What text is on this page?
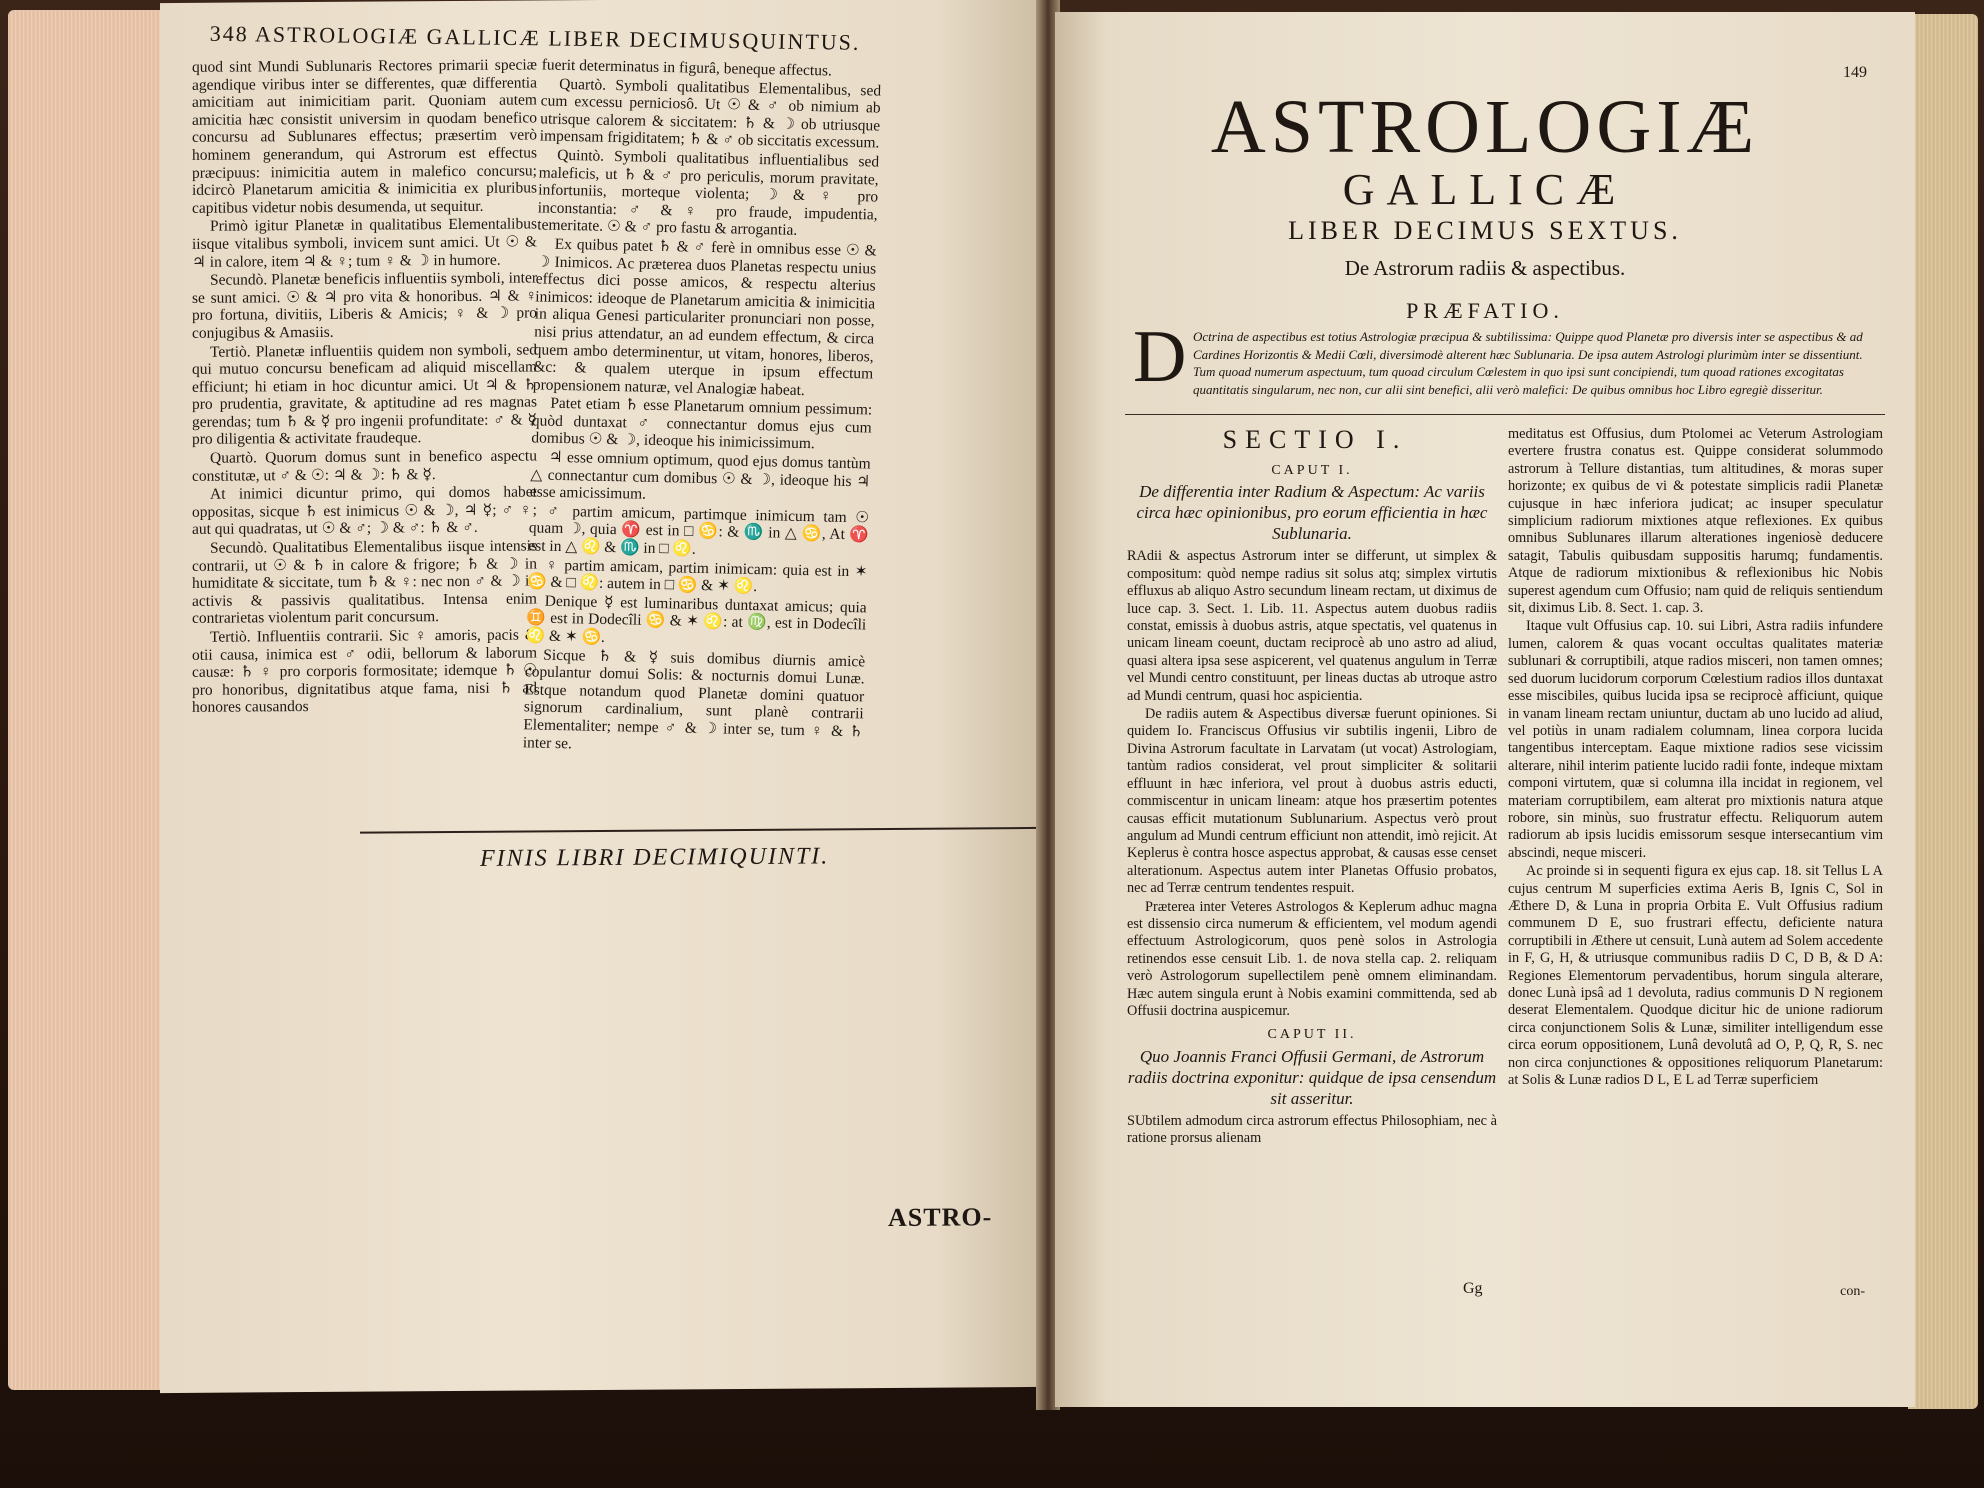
348 ASTROLOGIÆ GALLICÆ LIBER DECIMUSQUINTUS.

quod sint Mundi Sublunaris Rectores primarii speciæ agendique viribus inter se differentes, quæ differentia amicitiam aut inimicitiam parit. Quoniam autem amicitia hæc consistit universim in quodam benefico concursu ad Sublunares effectus; præsertim verò hominem generandum, qui Astrorum est effectus præcipuus: inimicitia autem in malefico concursu; idcircò Planetarum amicitia & inimicitia ex pluribus capitibus videtur nobis desumenda, ut sequitur.

Primò igitur Planetæ in qualitatibus Elementalibus iisque vitalibus symboli, invicem sunt amici. Ut ☉ & ♃ in calore, item ♃ & ♀; tum ♀ & ☽ in humore.

Secundò. Planetæ beneficis influentiis symboli, inter se sunt amici. ☉ & ♃ pro vita & honoribus. ♃ & ♀ pro fortuna, divitiis, Liberis & Amicis; ♀ & ☽ pro conjugibus & Amasiis.

Tertiò. Planetæ influentiis quidem non symboli, sed qui mutuo concursu beneficam ad aliquid miscellam efficiunt; hi etiam in hoc dicuntur amici. Ut ♃ & ♄ pro prudentia, gravitate, & aptitudine ad res magnas gerendas; tum ♄ & ☿ pro ingenii profunditate: ♂ & ☿ pro diligentia & activitate fraudeque.

Quartò. Quorum domus sunt in benefico aspectu constitutæ, ut ♂ & ☉: ♃ & ☽: ♄ & ☿.

At inimici dicuntur primo, qui domos habet oppositas, sicque ♄ est inimicus ☉ & ☽, ♃ ☿; ♂ ♀; aut qui quadratas, ut ☉ & ♂; ☽ & ♂: ♄ & ♂.

Secundò. Qualitatibus Elementalibus iisque intensis contrarii, ut ☉ & ♄ in calore & frigore; ♄ & ☽ in humiditate & siccitate, tum ♄ & ♀: nec non ♂ & ☽ in activis & passivis qualitatibus. Intensa enim contrarietas violentum parit concursum.

Tertiò. Influentiis contrarii. Sic ♀ amoris, pacis & otii causa, inimica est ♂ odii, bellorum & laborum causæ: ♄ ♀ pro corporis formositate; idemque ♄ ☉ pro honoribus, dignitatibus atque fama, nisi ♄ ad honores causandos

fuerit determinatus in figurâ, beneque affectus.

Quartò. Symboli qualitatibus Elementalibus, sed cum excessu perniciosô. Ut ☉ & ♂ ob nimium ab utrisque calorem & siccitatem: ♄ & ☽ ob utriusque impensam frigiditatem; ♄ & ♂ ob siccitatis excessum.

Quintò. Symboli qualitatibus influentialibus sed maleficis, ut ♄ & ♂ pro periculis, morum pravitate, infortuniis, morteque violenta; ☽ & ♀ pro inconstantia: ♂ & ♀ pro fraude, impudentia, temeritate. ☉ & ♂ pro fastu & arrogantia.

Ex quibus patet ♄ & ♂ ferè in omnibus esse ☉ & ☽ Inimicos. Ac præterea duos Planetas respectu unius effectus dici posse amicos, & respectu alterius inimicos: ideoque de Planetarum amicitia & inimicitia in aliqua Genesi particulariter pronunciari non posse, nisi prius attendatur, an ad eundem effectum, & circa quem ambo determinentur, ut vitam, honores, liberos, &c: & qualem uterque in ipsum effectum propensionem naturæ, vel Analogiæ habeat.

Patet etiam ♄ esse Planetarum omnium pessimum: quòd duntaxat ♂ connectantur domus ejus cum domibus ☉ & ☽, ideoque his inimicissimum.

♃ esse omnium optimum, quod ejus domus tantùm △ connectantur cum domibus ☉ & ☽, ideoque his ♃ esse amicissimum.

♂ partim amicum, partimque inimicum tam ☉ quam ☽, quia ♈ est in □ ♋: & ♏ in △ ♋, At ♈ est in △ ♌ & ♏ in □ ♌.

♀ partim amicam, partim inimicam: quia est in ✶ ♋ & □ ♌: autem in □ ♋ & ✶ ♌.

Denique ☿ est luminaribus duntaxat amicus; quia ♊ est in Dodecîli ♋ & ✶ ♌: at ♍, est in Dodecîli ♌ & ✶ ♋.

Sicque ♄ & ☿ suis domibus diurnis amicè copulantur domui Solis: & nocturnis domui Lunæ. Estque notandum quod Planetæ domini quatuor signorum cardinalium, sunt planè contrarii Elementaliter; nempe ♂ & ☽ inter se, tum ♀ & ♄ inter se.

FINIS LIBRI DECIMIQUINTI.
ASTRO-
149
ASTROLOGIÆ
GALLICÆ
LIBER DECIMUS SEXTUS.
De Astrorum radiis & aspectibus.
PRÆFATIO.
D Octrina de aspectibus est totius Astrologiæ præcipua & subtilissima: Quippe quod Planetæ pro diversis inter se aspectibus & ad Cardines Horizontis & Medii Cœli, diversimodè alterent hæc Sublunaria. De ipsa autem Astrologi plurimùm inter se dissentiunt. Tum quoad numerum aspectuum, tum quoad circulum Cœlestem in quo ipsi sunt concipiendi, tum quoad rationes excogitatas quantitatis singularum, nec non, cur alii sint benefici, alii verò malefici: De quibus omnibus hoc Libro egregiè disseritur.
SECTIO I.
CAPUT I.
De differentia inter Radium & Aspectum: Ac variis circa hæc opinionibus, pro eorum efficientia in hæc Sublunaria.

RAdii & aspectus Astrorum inter se differunt, ut simplex & compositum: quòd nempe radius sit solus atq; simplex virtutis effluxus ab aliquo Astro secundum lineam rectam, ut diximus de luce cap. 3. Sect. 1. Lib. 11. Aspectus autem duobus radiis constat, emissis à duobus astris, atque spectatis, vel quatenus in unicam lineam coeunt, ductam reciprocè ab uno astro ad aliud, quasi altera ipsa sese aspicerent, vel quatenus angulum in Terræ vel Mundi centro constituunt, per lineas ductas ab utroque astro ad Mundi centrum, quasi hoc aspicientia.

De radiis autem & Aspectibus diversæ fuerunt opiniones. Si quidem Io. Franciscus Offusius vir subtilis ingenii, Libro de Divina Astrorum facultate in Larvatam (ut vocat) Astrologiam, tantùm radios considerat, vel prout simpliciter & solitarii effluunt in hæc inferiora, vel prout à duobus astris educti, commiscentur in unicam lineam: atque hos præsertim potentes causas efficit mutationum Sublunarium. Aspectus verò prout angulum ad Mundi centrum efficiunt non attendit, imò rejicit. At Keplerus è contra hosce aspectus approbat, & causas esse censet alterationum. Aspectus autem inter Planetas Offusio probatos, nec ad Terræ centrum tendentes respuit.

Præterea inter Veteres Astrologos & Keplerum adhuc magna est dissensio circa numerum & efficientem, vel modum agendi effectuum Astrologicorum, quos penè solos in Astrologia retinendos esse censuit Lib. 1. de nova stella cap. 2. reliquam verò Astrologorum supellectilem penè omnem eliminandam. Hæc autem singula erunt à Nobis examini committenda, sed ab Offusii doctrina auspicemur.

CAPUT II.
Quo Joannis Franci Offusii Germani, de Astrorum radiis doctrina exponitur: quidque de ipsa censendum sit asseritur.

SUbtilem admodum circa astrorum effectus Philosophiam, nec à ratione prorsus alienam

meditatus est Offusius, dum Ptolomei ac Veterum Astrologiam evertere frustra conatus est. Quippe considerat solummodo astrorum à Tellure distantias, tum altitudines, & moras super horizonte; ex quibus de vi & potestate simplicis radii Planetæ cujusque in hæc inferiora judicat; ac insuper speculatur simplicium radiorum mixtiones atque reflexiones. Ex quibus omnibus Sublunares illarum alterationes ingeniosè deducere satagit, Tabulis quibusdam suppositis harumq; fundamentis. Atque de radiorum mixtionibus & reflexionibus hic Nobis superest agendum cum Offusio; nam quid de reliquis sentiendum sit, diximus Lib. 8. Sect. 1. cap. 3.

Itaque vult Offusius cap. 10. sui Libri, Astra radiis infundere lumen, calorem & quas vocant occultas qualitates materiæ sublunari & corruptibili, atque radios misceri, non tamen omnes; sed duorum lucidorum corporum Cœlestium radios illos duntaxat esse miscibiles, quibus lucida ipsa se reciprocè afficiunt, quique in vanam lineam rectam uniuntur, ductam ab uno lucido ad aliud, vel potiùs in unam radialem columnam, linea corpora lucida tangentibus interceptam. Eaque mixtione radios sese vicissim alterare, nihil interim patiente lucido radii fonte, indeque mixtam componi virtutem, quæ si columna illa incidat in regionem, vel materiam corruptibilem, eam alterat pro mixtionis natura atque robore, sin minùs, suo frustratur effectu. Reliquorum autem radiorum ab ipsis lucidis emissorum sesque intersecantium vim abscindi, neque misceri.

Ac proinde si in sequenti figura ex ejus cap. 18. sit Tellus L A cujus centrum M superficies extima Aeris B, Ignis C, Sol in Æthere D, & Luna in propria Orbita E. Vult Offusius radium communem D E, suo frustrari effectu, deficiente natura corruptibili in Æthere ut censuit, Lunà autem ad Solem accedente in F, G, H, & utriusque communibus radiis D C, D B, & D A: Regiones Elementorum pervadentibus, horum singula alterare, donec Lunà ipsâ ad 1 devoluta, radius communis D N regionem deserat Elementalem. Quodque dicitur hic de unione radiorum circa conjunctionem Solis & Lunæ, similiter intelligendum esse circa eorum oppositionem, Lunâ devolutâ ad O, P, Q, R, S. nec non circa conjunctiones & oppositiones reliquorum Planetarum: at Solis & Lunæ radios D L, E L ad Terræ superficiem

Gg	con-
